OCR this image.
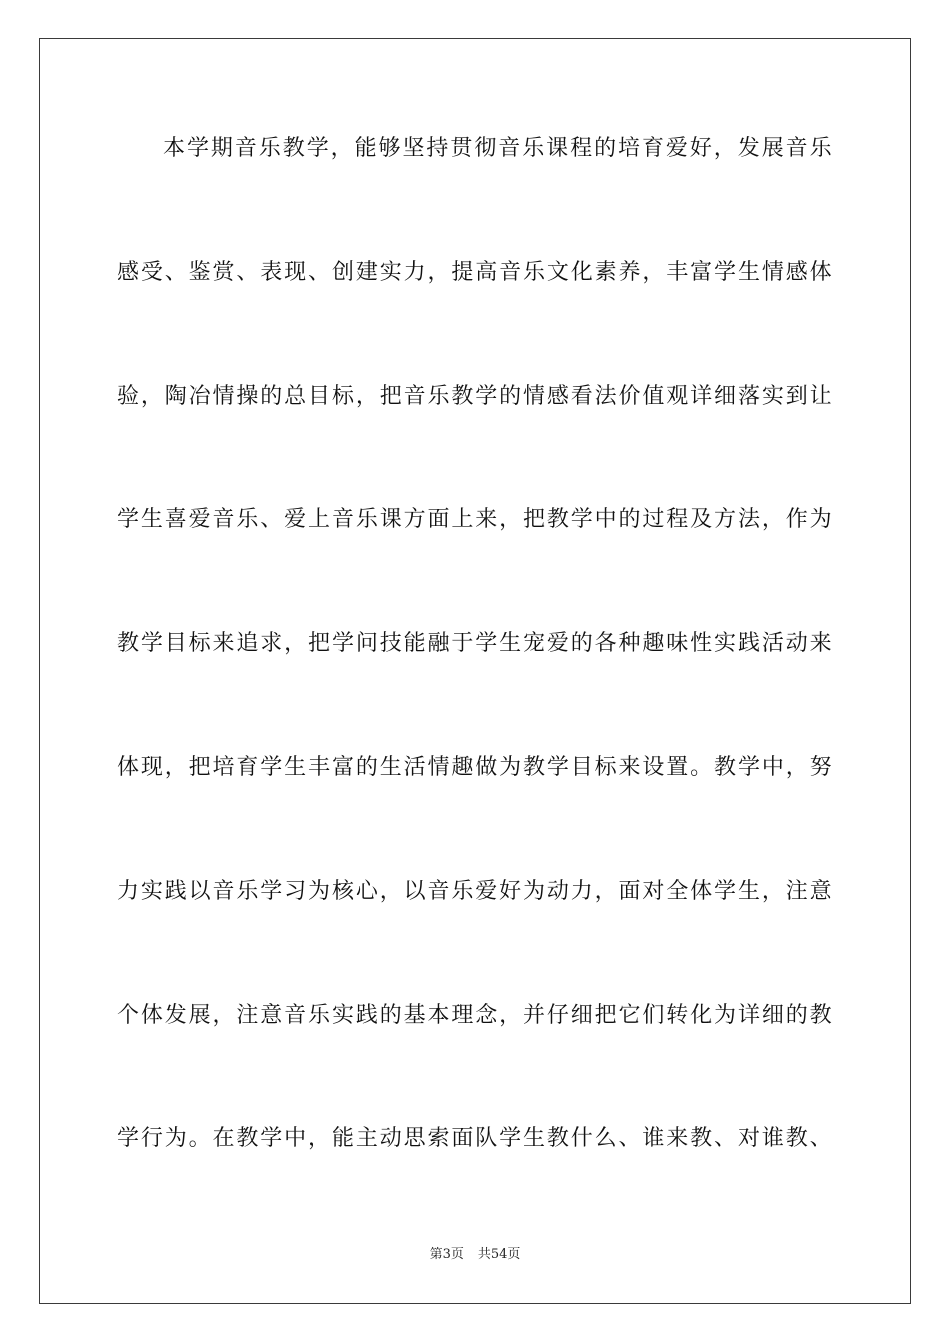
本学期音乐教学，能够坚持贯彻音乐课程的培育爱好，发展音乐

感受、鉴赏、表现、创建实力，提高音乐文化素养，丰富学生情感体

验，陶冶情操的总目标，把音乐教学的情感看法价值观详细落实到让

学生喜爱音乐、爱上音乐课方面上来，把教学中的过程及方法，作为

教学目标来追求，把学问技能融于学生宠爱的各种趣味性实践活动来

体现，把培育学生丰富的生活情趣做为教学目标来设置。教学中，努

力实践以音乐学习为核心，以音乐爱好为动力，面对全体学生，注意

个体发展，注意音乐实践的基本理念，并仔细把它们转化为详细的教

学行为。在教学中，能主动思索面队学生教什么、谁来教、对谁教、

第3页 共54页
